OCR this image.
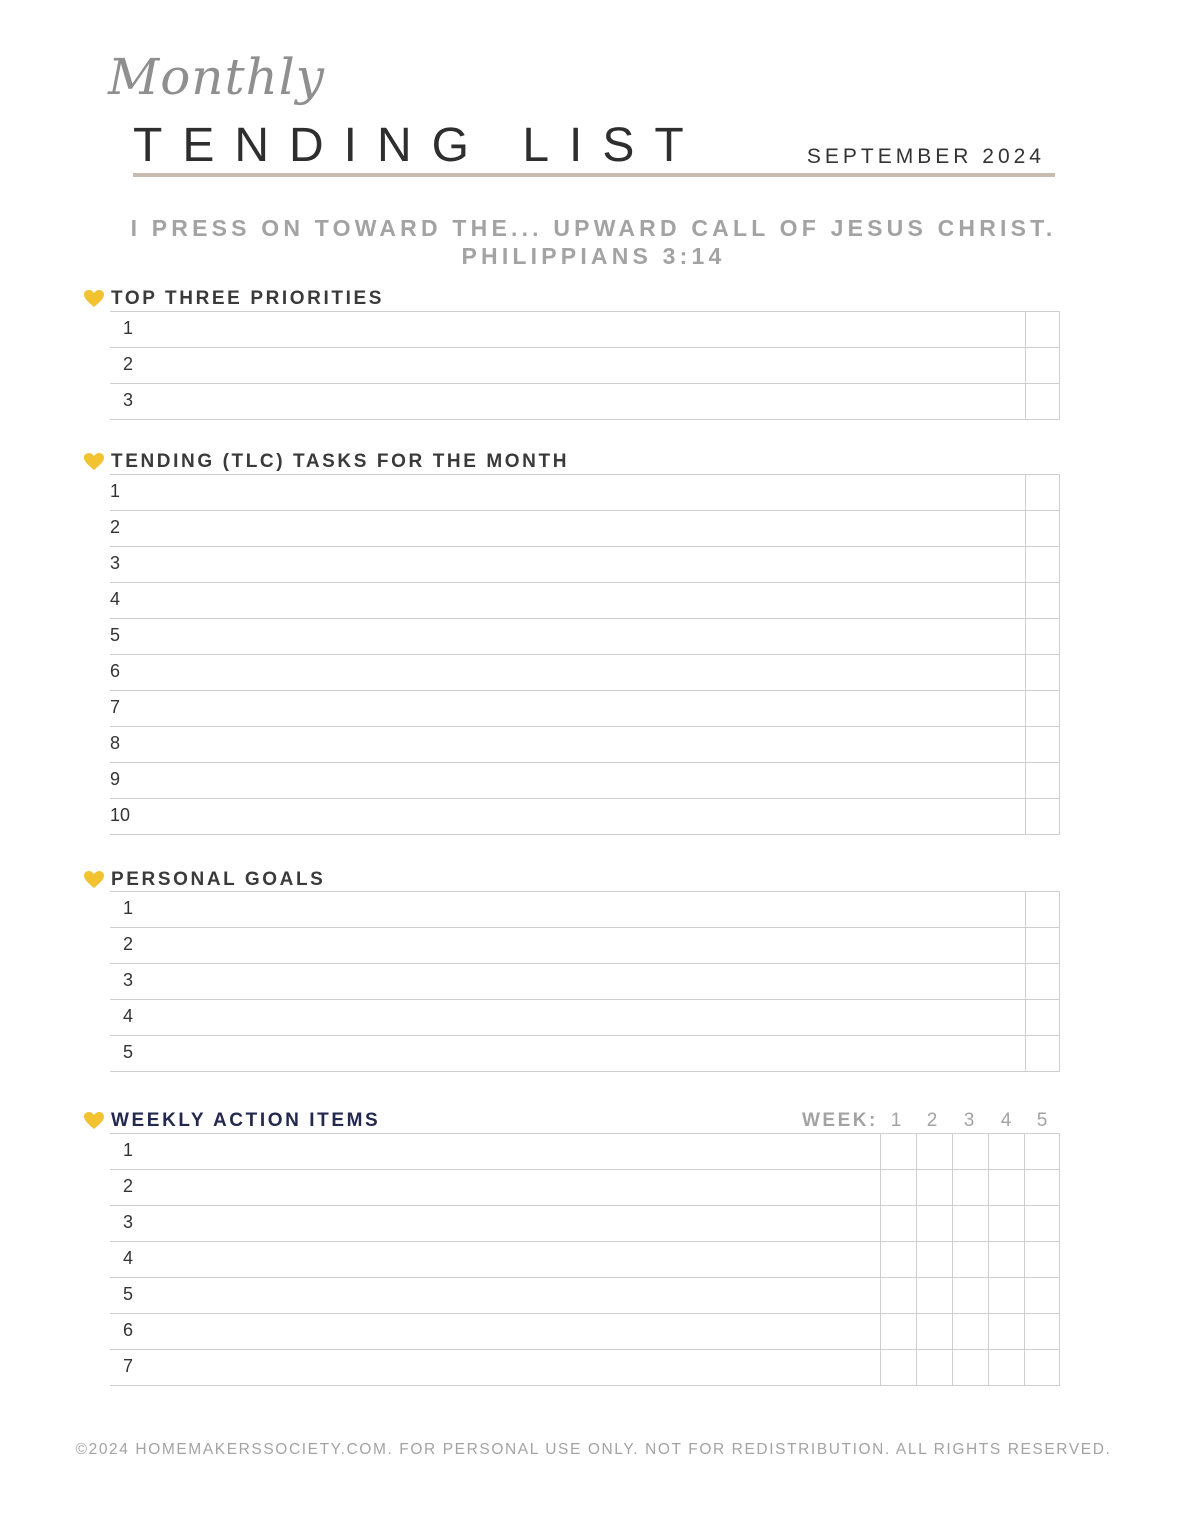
Monthly
TENDING LIST	SEPTEMBER 2024
I PRESS ON TOWARD THE... UPWARD CALL OF JESUS CHRIST.
PHILIPPIANS 3:14
TOP THREE PRIORITIES
1
2
3
TENDING (TLC) TASKS FOR THE MONTH
1
2
3
4
5
6
7
8
9
10
PERSONAL GOALS
1
2
3
4
5
WEEKLY ACTION ITEMS	WEEK: 1 2 3 4 5
1
2
3
4
5
6
7
©2024 HOMEMAKERSSOCIETY.COM. FOR PERSONAL USE ONLY. NOT FOR REDISTRIBUTION. ALL RIGHTS RESERVED.
